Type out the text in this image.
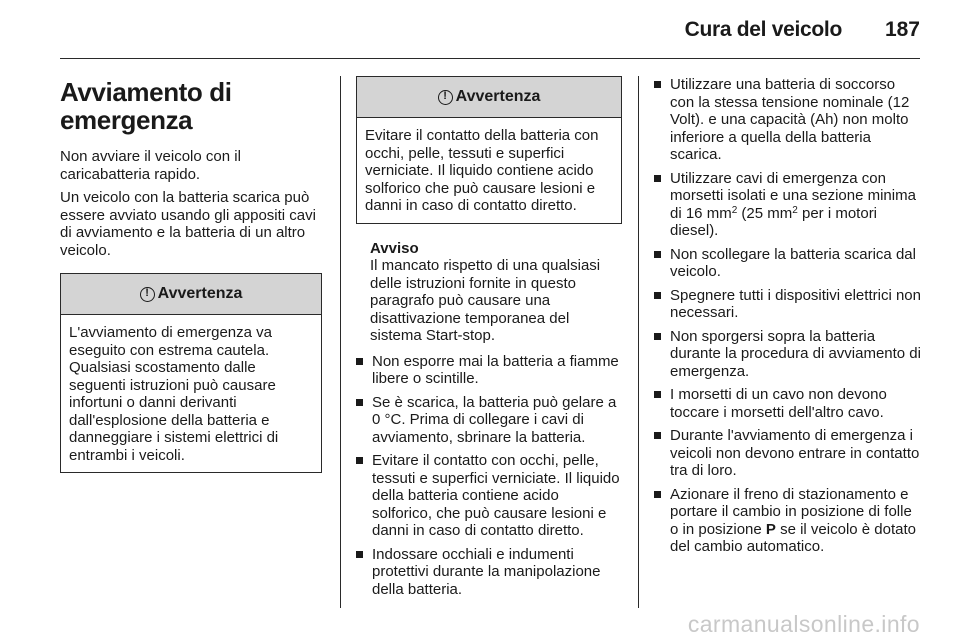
Cura del veicolo 187
Avviamento di emergenza

Non avviare il veicolo con il caricabatteria rapido.

Un veicolo con la batteria scarica può essere avviato usando gli appositi cavi di avviamento e la batteria di un altro veicolo.

! Avvertenza
L'avviamento di emergenza va eseguito con estrema cautela. Qualsiasi scostamento dalle seguenti istruzioni può causare infortuni o danni derivanti dall'esplosione della batteria e danneggiare i sistemi elettrici di entrambi i veicoli.
! Avvertenza
Evitare il contatto della batteria con occhi, pelle, tessuti e superfici verniciate. Il liquido contiene acido solforico che può causare lesioni e danni in caso di contatto diretto.
Avviso

Il mancato rispetto di una qualsiasi delle istruzioni fornite in questo paragrafo può causare una disattivazione temporanea del sistema Start-stop.

Non esporre mai la batteria a fiamme libere o scintille.
Se è scarica, la batteria può gelare a 0 °C. Prima di collegare i cavi di avviamento, sbrinare la batteria.
Evitare il contatto con occhi, pelle, tessuti e superfici verniciate. Il liquido della batteria contiene acido solforico, che può causare lesioni e danni in caso di contatto diretto.
Indossare occhiali e indumenti protettivi durante la manipolazione della batteria.
Utilizzare una batteria di soccorso con la stessa tensione nominale (12 Volt). e una capacità (Ah) non molto inferiore a quella della batteria scarica.
Utilizzare cavi di emergenza con morsetti isolati e una sezione minima di 16 $mm^2$ (25 $mm^2$ per i motori diesel).
Non scollegare la batteria scarica dal veicolo.
Spegnere tutti i dispositivi elettrici non necessari.
Non sporgersi sopra la batteria durante la procedura di avviamento di emergenza.
I morsetti di un cavo non devono toccare i morsetti dell'altro cavo.
Durante l'avviamento di emergenza i veicoli non devono entrare in contatto tra di loro.
Azionare il freno di stazionamento e portare il cambio in posizione di folle o in posizione P se il veicolo è dotato del cambio automatico.
carmanualsonline.info
